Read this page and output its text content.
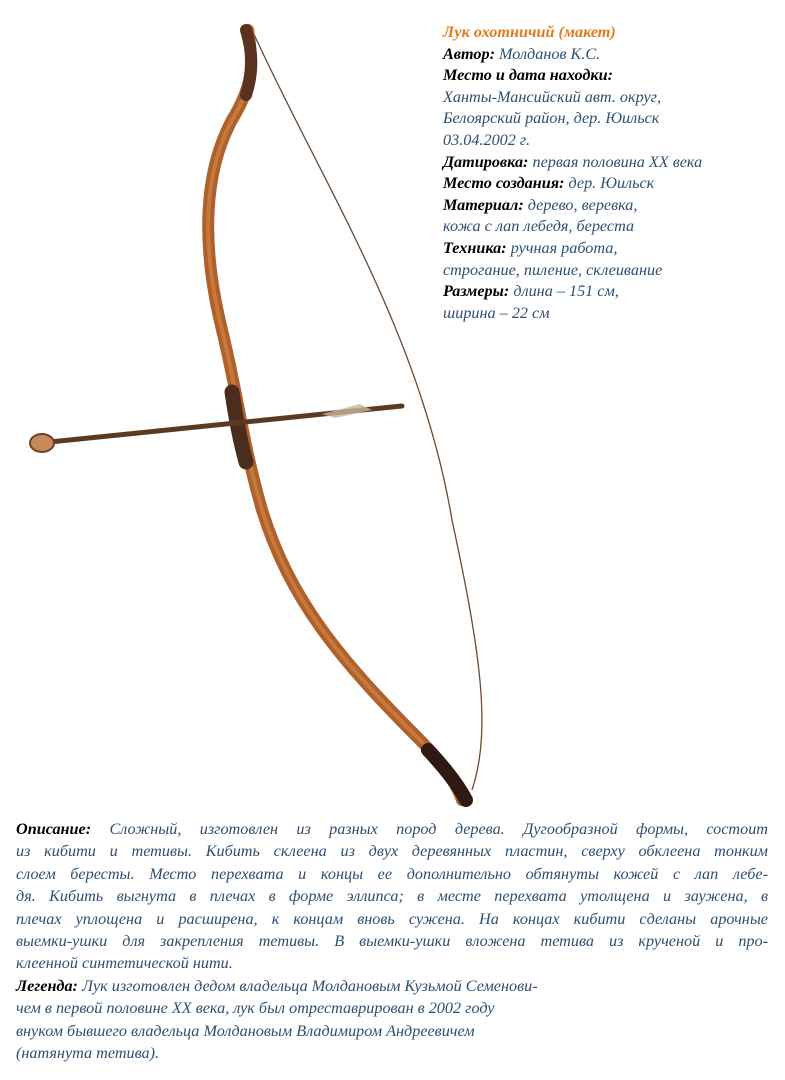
Лук охотничий (макет)
Автор: Молданов К.С.
Место и дата находки:
Ханты-Мансийский авт. округ,
Белоярский район, дер. Юильск
03.04.2002 г.
Датировка: первая половина XX века
Место создания: дер. Юильск
Материал: дерево, веревка,
кожа с лап лебедя, береста
Техника: ручная работа,
строгание, пиление, склеивание
Размеры: длина – 151 см,
ширина – 22 см
Описание: Сложный, изготовлен из разных пород дерева. Дугообразной формы, состоит
из кибити и тетивы. Кибить склеена из двух деревянных пластин, сверху обклеена тонким
слоем бересты. Место перехвата и концы ее дополнительно обтянуты кожей с лап лебе-
дя. Кибить выгнута в плечах в форме эллипса; в месте перехвата утолщена и заужена, в
плечах уплощена и расширена, к концам вновь сужена. На концах кибити сделаны арочные
выемки-ушки для закрепления тетивы. В выемки-ушки вложена тетива из крученой и про-
клеенной синтетической нити.
Легенда: Лук изготовлен дедом владельца Молдановым Кузьмой Семенови-
чем в первой половине XX века, лук был отреставрирован в 2002 году
внуком бывшего владельца Молдановым Владимиром Андреевичем
(натянута тетива).
